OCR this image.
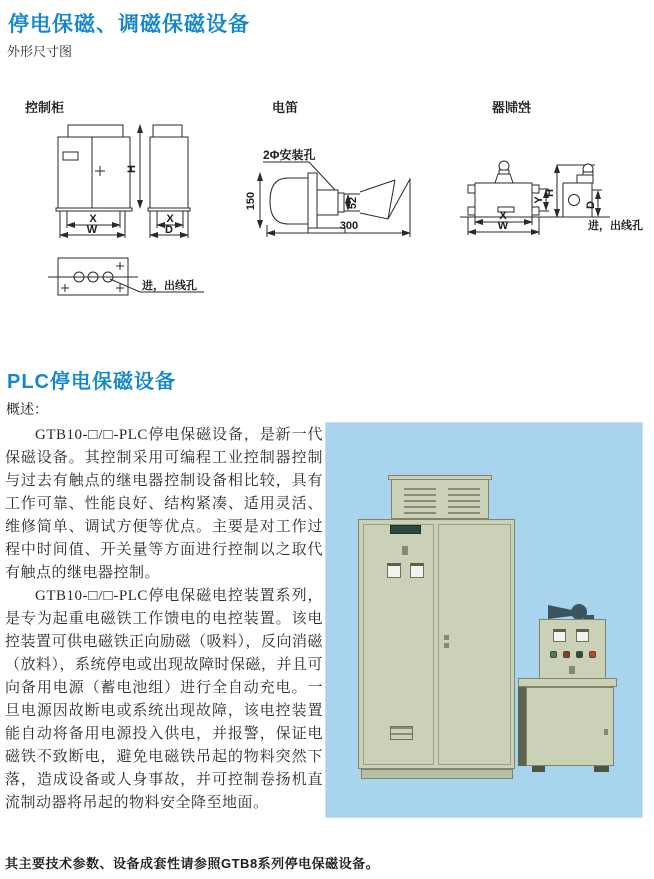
停电保磁、调磁保磁设备
外形尺寸图
控制柜	电笛	控制器
H
X
W
X
D
进，出线孔
2Φ安装孔
150	52
300
X
W
Y
H
D
进，出线孔
PLC停电保磁设备
概述：

GTB10-□/□-PLC停电保磁设备，是新一代保磁设备。其控制采用可编程工业控制器控制与过去有触点的继电器控制设备相比较，具有工作可靠、性能良好、结构紧凑、适用灵活、维修简单、调试方便等优点。主要是对工作过程中时间值、开关量等方面进行控制以之取代有触点的继电器控制。

GTB10-□/□-PLC停电保磁电控装置系列，是专为起重电磁铁工作馈电的电控装置。该电控装置可供电磁铁正向励磁（吸料），反向消磁（放料），系统停电或出现故障时保磁，并且可向备用电源（蓄电池组）进行全自动充电。一旦电源因故断电或系统出现故障，该电控装置能自动将备用电源投入供电，并报警，保证电磁铁不致断电，避免电磁铁吊起的物料突然下落，造成设备或人身事故，并可控制卷扬机直流制动器将吊起的物料安全降至地面。

其主要技术参数、设备成套性请参照GTB8系列停电保磁设备。
